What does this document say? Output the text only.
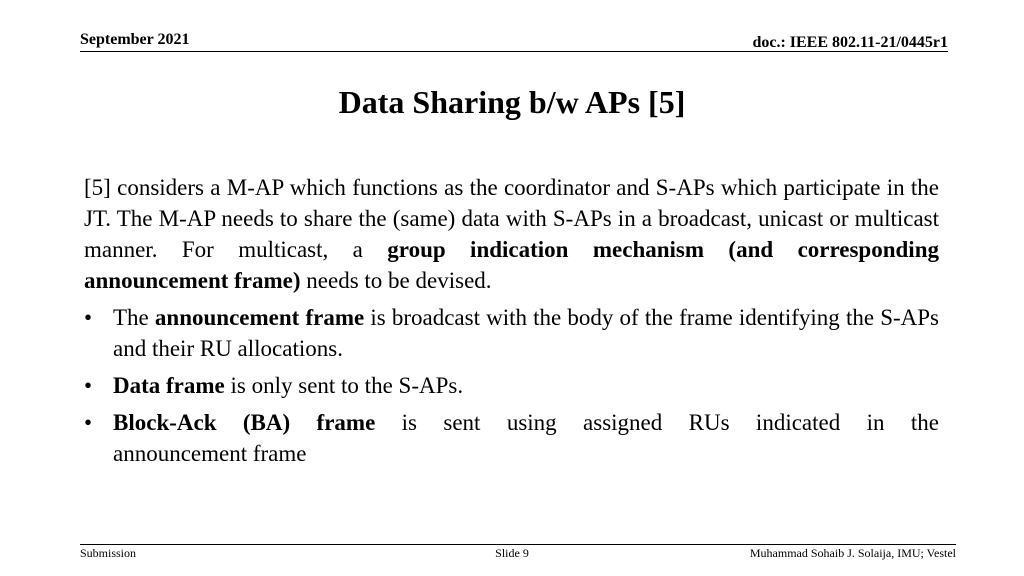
September 2021	doc.: IEEE 802.11-21/0445r1
Data Sharing b/w APs [5]

[5] considers a M-AP which functions as the coordinator and S-APs which participate in the JT. The M-AP needs to share the (same) data with S-APs in a broadcast, unicast or multicast manner. For multicast, a group indication mechanism (and corresponding announcement frame) needs to be devised.

• The announcement frame is broadcast with the body of the frame identifying the S-APs and their RU allocations.
• Data frame is only sent to the S-APs.
• Block-Ack (BA) frame is sent using assigned RUs indicated in the
announcement frame
Submission	Slide 9	Muhammad Sohaib J. Solaija, IMU; Vestel
